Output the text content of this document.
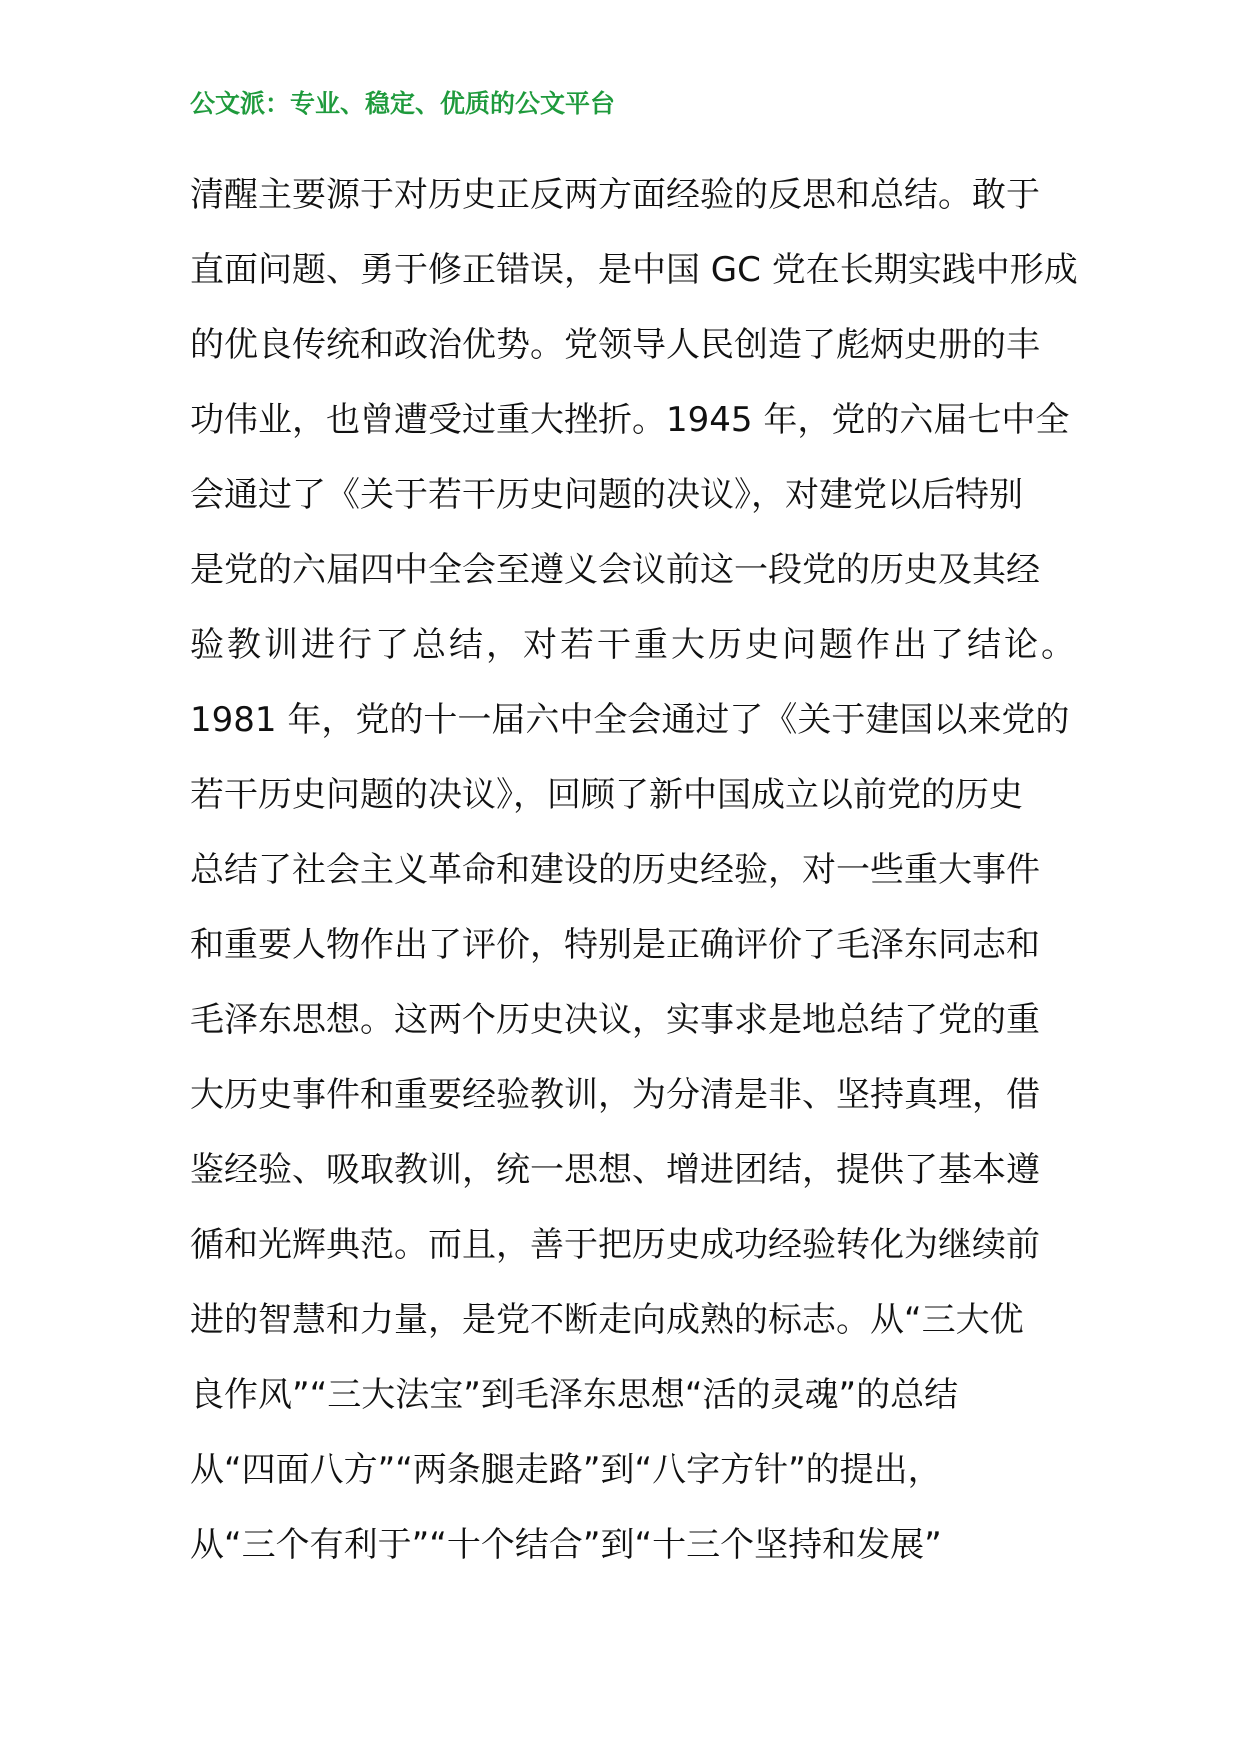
公文派：专业、稳定、优质的公文平台
清醒主要源于对历史正反两方面经验的反思和总结。敢于
直面问题、勇于修正错误，是中国 GC 党在长期实践中形成
的优良传统和政治优势。党领导人民创造了彪炳史册的丰
功伟业，也曾遭受过重大挫折。1945 年，党的六届七中全
会通过了《关于若干历史问题的决议》，对建党以后特别
是党的六届四中全会至遵义会议前这一段党的历史及其经
验教训进行了总结，对若干重大历史问题作出了结论。
1981 年，党的十一届六中全会通过了《关于建国以来党的
若干历史问题的决议》，回顾了新中国成立以前党的历史
总结了社会主义革命和建设的历史经验，对一些重大事件
和重要人物作出了评价，特别是正确评价了毛泽东同志和
毛泽东思想。这两个历史决议，实事求是地总结了党的重
大历史事件和重要经验教训，为分清是非、坚持真理，借
鉴经验、吸取教训，统一思想、增进团结，提供了基本遵
循和光辉典范。而且，善于把历史成功经验转化为继续前
进的智慧和力量，是党不断走向成熟的标志。从“三大优
良作风”“三大法宝”到毛泽东思想“活的灵魂”的总结
从“四面八方”“两条腿走路”到“八字方针”的提出，
从“三个有利于”“十个结合”到“十三个坚持和发展”
